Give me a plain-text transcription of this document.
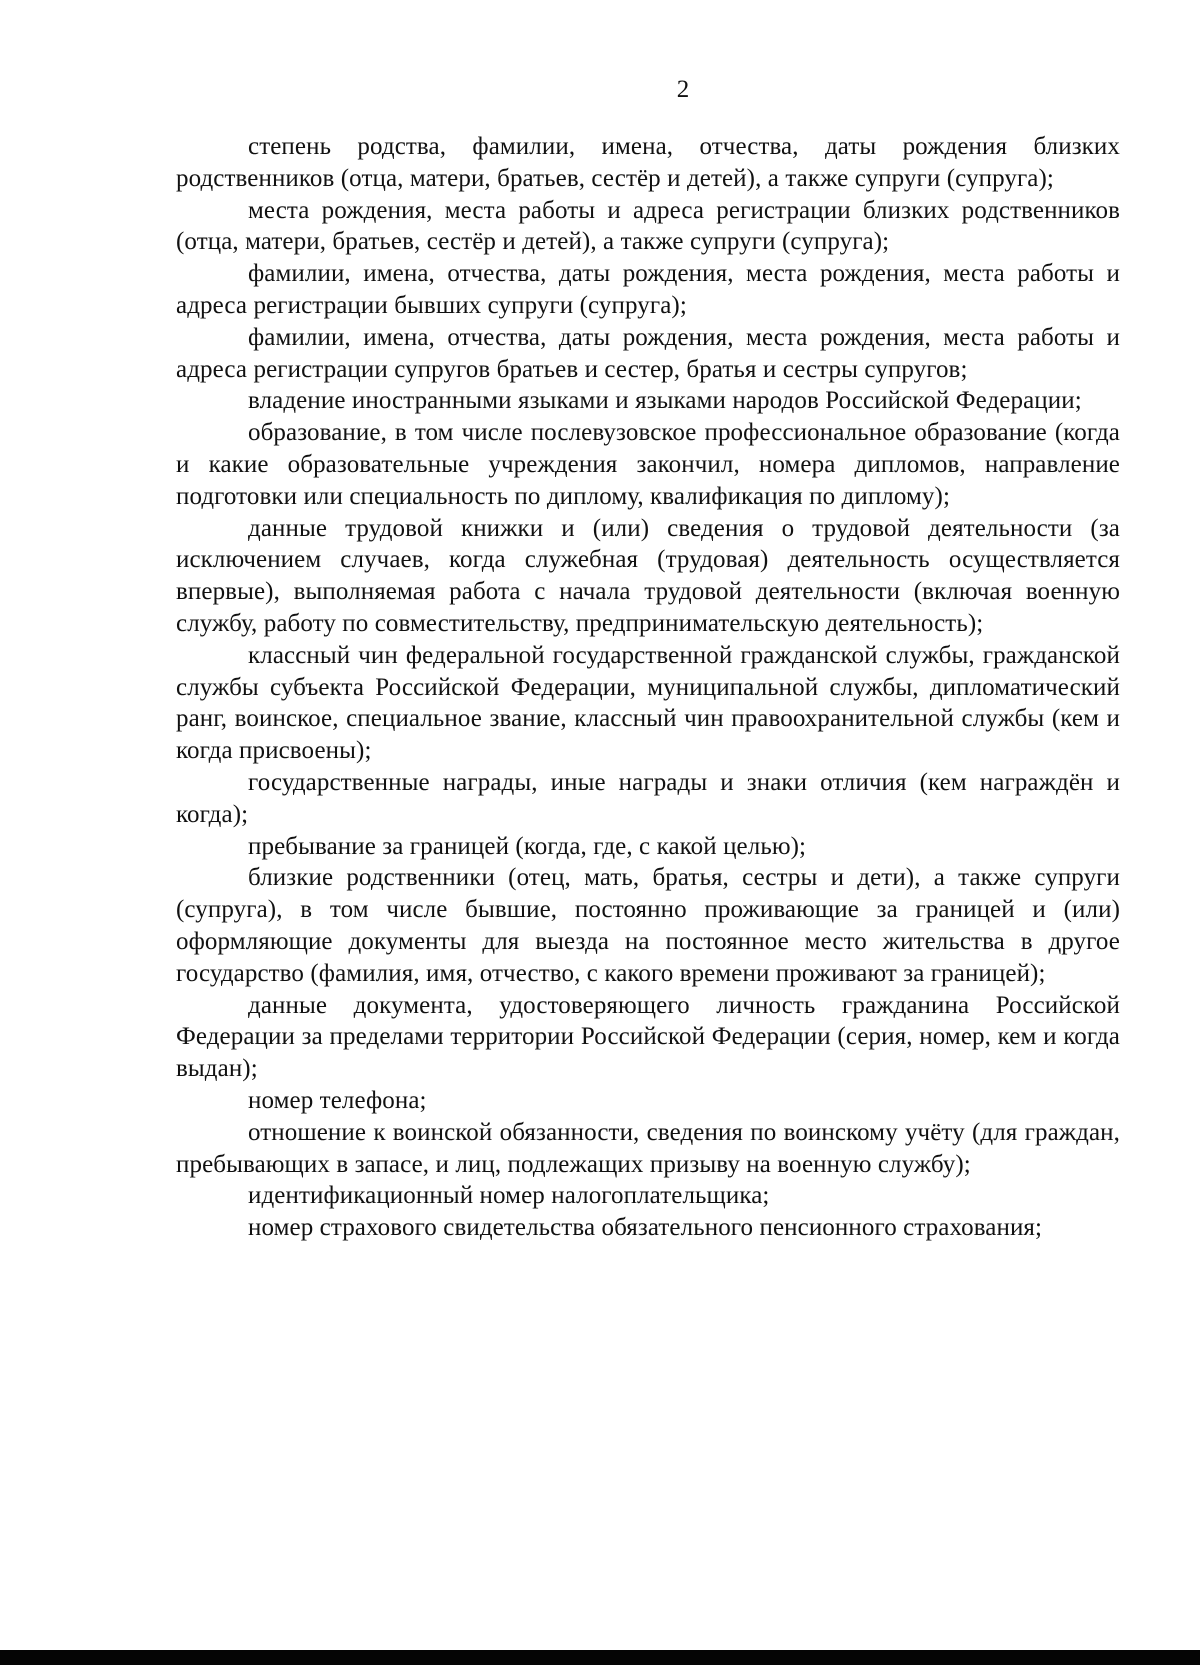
2

степень родства, фамилии, имена, отчества, даты рождения близких родственников (отца, матери, братьев, сестёр и детей), а также супруги (супруга);

места рождения, места работы и адреса регистрации близких родственников (отца, матери, братьев, сестёр и детей), а также супруги (супруга);

фамилии, имена, отчества, даты рождения, места рождения, места работы и адреса регистрации бывших супруги (супруга);

фамилии, имена, отчества, даты рождения, места рождения, места работы и адреса регистрации супругов братьев и сестер, братья и сестры супругов;

владение иностранными языками и языками народов Российской Федерации;

образование, в том числе послевузовское профессиональное образование (когда и какие образовательные учреждения закончил, номера дипломов, направление подготовки или специальность по диплому, квалификация по диплому);

данные трудовой книжки и (или) сведения о трудовой деятельности (за исключением случаев, когда служебная (трудовая) деятельность осуществляется впервые), выполняемая работа с начала трудовой деятельности (включая военную службу, работу по совместительству, предпринимательскую деятельность);

классный чин федеральной государственной гражданской службы, гражданской службы субъекта Российской Федерации, муниципальной службы, дипломатический ранг, воинское, специальное звание, классный чин правоохранительной службы (кем и когда присвоены);

государственные награды, иные награды и знаки отличия (кем награждён и когда);

пребывание за границей (когда, где, с какой целью);

близкие родственники (отец, мать, братья, сестры и дети), а также супруги (супруга), в том числе бывшие, постоянно проживающие за границей и (или) оформляющие документы для выезда на постоянное место жительства в другое государство (фамилия, имя, отчество, с какого времени проживают за границей);

данные документа, удостоверяющего личность гражданина Российской Федерации за пределами территории Российской Федерации (серия, номер, кем и когда выдан);

номер телефона;

отношение к воинской обязанности, сведения по воинскому учёту (для граждан, пребывающих в запасе, и лиц, подлежащих призыву на военную службу);

идентификационный номер налогоплательщика;

номер страхового свидетельства обязательного пенсионного страхования;
